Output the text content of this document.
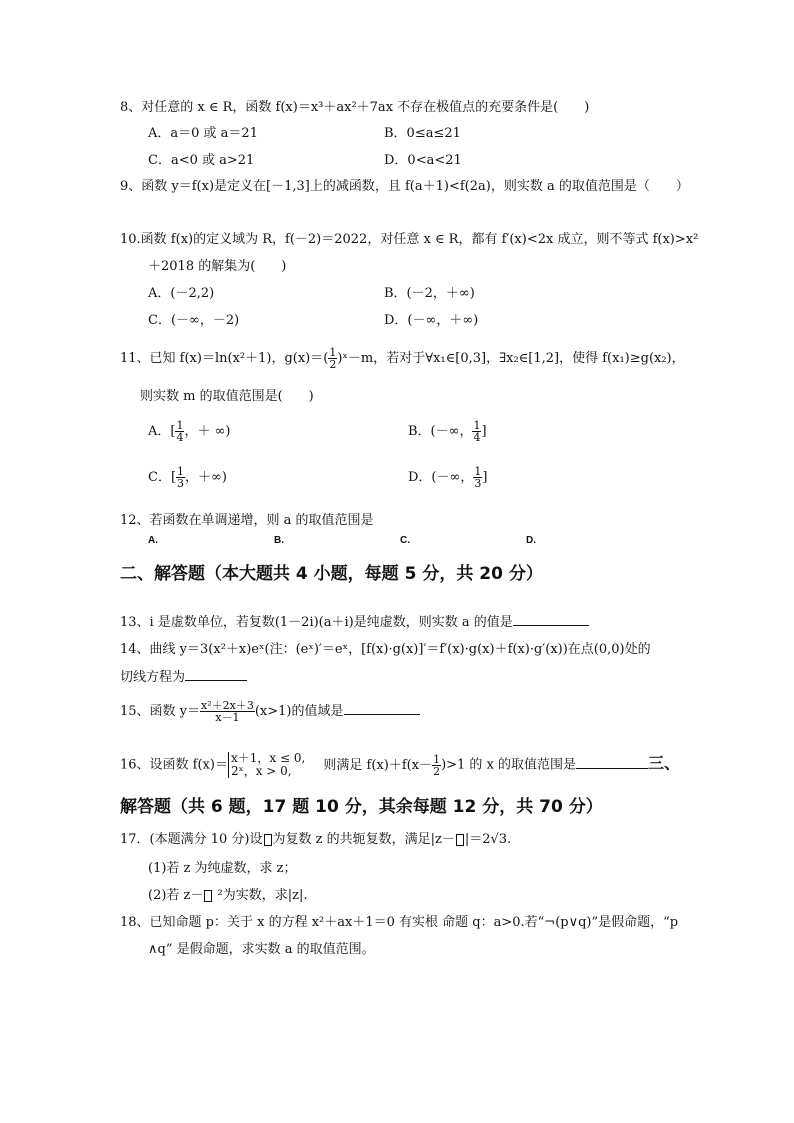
8、对任意的 x ∈ R，函数 f(x)＝x³＋ax²＋7ax 不存在极值点的充要条件是(　　)
A．a＝0 或 a＝21	B．0≤a≤21
C．a<0 或 a>21	D．0<a<21
9、函数 y＝f(x)是定义在[－1,3]上的减函数，且 f(a＋1)<f(2a)，则实数 a 的取值范围是（　　）
10.函数 f(x)的定义域为 R，f(－2)＝2022，对任意 x ∈ R，都有 f′(x)<2x 成立，则不等式 f(x)>x²
＋2018 的解集为(　　)
A．(－2,2)	B．(－2，＋∞)
C．(－∞，－2)	D．(－∞，＋∞)
11、已知 f(x)＝ln(x²＋1)，$g(x)=( \frac{1}{2}$ )ˣ－m，若对于∀x₁∈[0,3]，∃x₂∈[1,2]，使得 f(x₁)≥g(x₂)，
则实数 m 的取值范围是(　　)
A．[ $\frac{1}{4}$ ，＋ ∞)	B．(－∞， $\frac{1}{4}$ ]
C．[ $\frac{1}{3}$ ，＋∞)	D．(－∞， $\frac{1}{3}$ ]
12、若函数在单调递增，则 a 的取值范围是
A.	B.	C.	D.
二、解答题（本大题共 4 小题，每题 5 分，共 20 分）
13、i 是虚数单位，若复数(1－2i)(a＋i)是纯虚数，则实数 a 的值是
14、曲线 y＝3(x²＋x)eˣ(注：(eˣ)′＝eˣ，[f(x)·g(x)]′＝f′(x)·g(x)＋f(x)·g′(x))在点(0,0)处的
切线方程为
15、函数 $y= \frac{\text{x²＋2x＋3}}{x-1} (x>1)$的值域是
16、设函数 f(x)＝ x＋1，x ≤ 0,
2ˣ，x > 0,	则满足 $f(x)+f(x- \frac{1}{2} )>1$ 的 x 的取值范围是	三、
解答题（共 6 题，17 题 10 分，其余每题 12 分，共 70 分）
17．(本题满分 10 分)设 为复数 z 的共轭复数，满足|z－ |＝2√3.
(1)若 z 为纯虚数，求 z；
(2)若 z－ ²为实数，求|z|.
18、已知命题 p：关于 x 的方程 x²＋ax＋1＝0 有实根 命题 q：a>0.若“¬(p∨q)”是假命题，“p
∧q” 是假命题，求实数 a 的取值范围。
